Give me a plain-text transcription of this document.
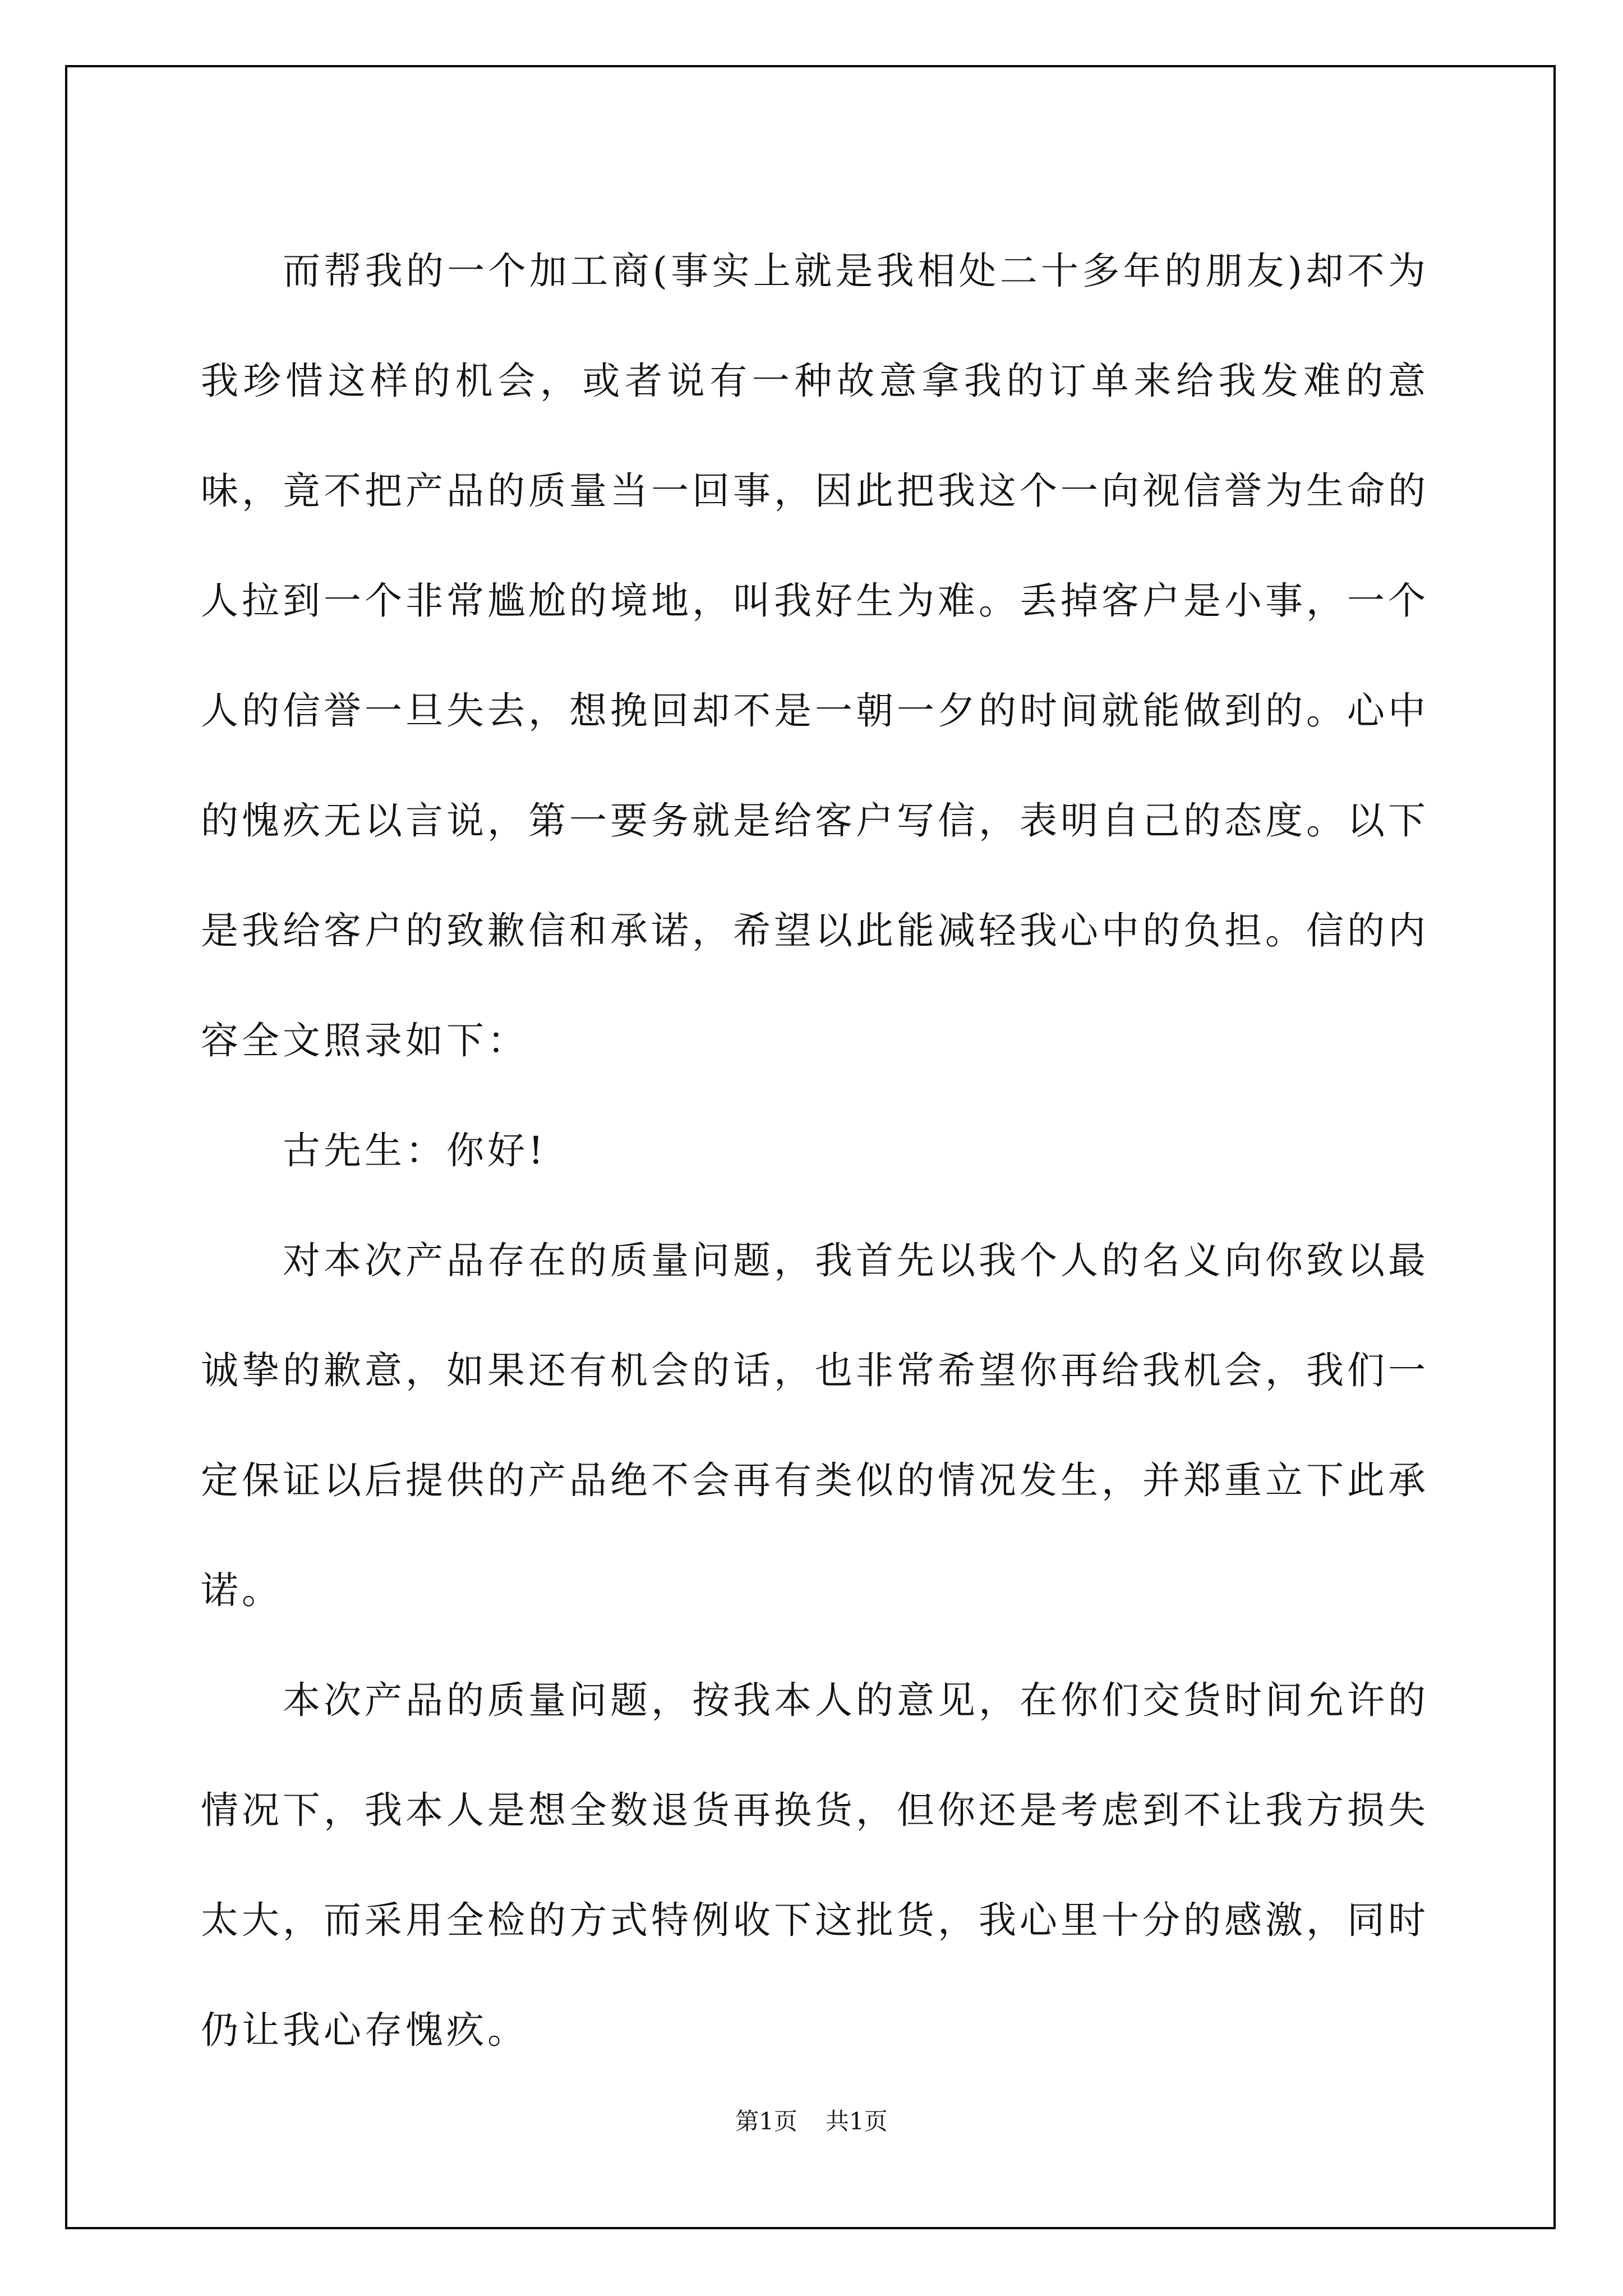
而帮我的一个加工商(事实上就是我相处二十多年的朋友)却不为我珍惜这样的机会，或者说有一种故意拿我的订单来给我发难的意味，竟不把产品的质量当一回事，因此把我这个一向视信誉为生命的人拉到一个非常尴尬的境地，叫我好生为难。丢掉客户是小事，一个人的信誉一旦失去，想挽回却不是一朝一夕的时间就能做到的。心中的愧疚无以言说，第一要务就是给客户写信，表明自己的态度。以下是我给客户的致歉信和承诺，希望以此能减轻我心中的负担。信的内容全文照录如下：

古先生：你好!

对本次产品存在的质量问题，我首先以我个人的名义向你致以最诚挚的歉意，如果还有机会的话，也非常希望你再给我机会，我们一定保证以后提供的产品绝不会再有类似的情况发生，并郑重立下此承诺。

本次产品的质量问题，按我本人的意见，在你们交货时间允许的情况下，我本人是想全数退货再换货，但你还是考虑到不让我方损失太大，而采用全检的方式特例收下这批货，我心里十分的感激，同时仍让我心存愧疚。

第1页 共1页
